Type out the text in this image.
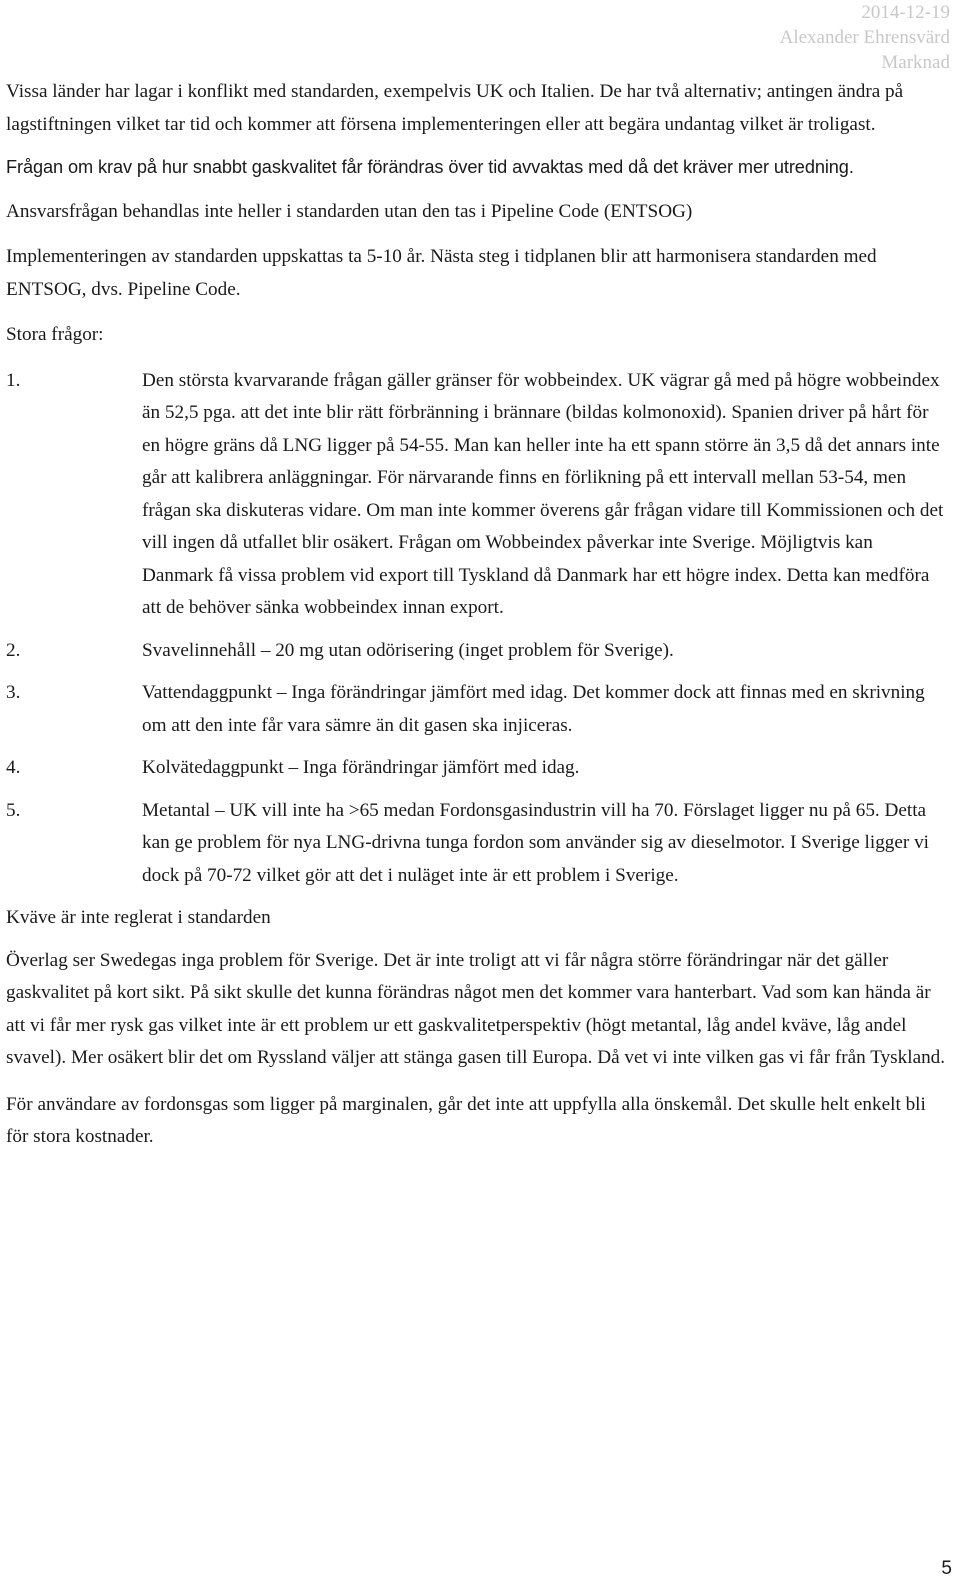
2014-12-19
Alexander Ehrensvärd
Marknad

Vissa länder har lagar i konflikt med standarden, exempelvis UK och Italien. De har två alternativ; antingen ändra på lagstiftningen vilket tar tid och kommer att försena implementeringen eller att begära undantag vilket är troligast.

Frågan om krav på hur snabbt gaskvalitet får förändras över tid avvaktas med då det kräver mer utredning.

Ansvarsfrågan behandlas inte heller i standarden utan den tas i Pipeline Code (ENTSOG)

Implementeringen av standarden uppskattas ta 5-10 år. Nästa steg i tidplanen blir att harmonisera standarden med ENTSOG, dvs. Pipeline Code.

Stora frågor:

1.	Den största kvarvarande frågan gäller gränser för wobbeindex. UK vägrar gå med på högre wobbeindex än 52,5 pga. att det inte blir rätt förbränning i brännare (bildas kolmonoxid). Spanien driver på hårt för en högre gräns då LNG ligger på 54-55. Man kan heller inte ha ett spann större än 3,5 då det annars inte går att kalibrera anläggningar. För närvarande finns en förlikning på ett intervall mellan 53-54, men frågan ska diskuteras vidare. Om man inte kommer överens går frågan vidare till Kommissionen och det vill ingen då utfallet blir osäkert. Frågan om Wobbeindex påverkar inte Sverige. Möjligtvis kan Danmark få vissa problem vid export till Tyskland då Danmark har ett högre index. Detta kan medföra att de behöver sänka wobbeindex innan export.
2.	Svavelinnehåll – 20 mg utan odörisering (inget problem för Sverige).
3.	Vattendaggpunkt – Inga förändringar jämfört med idag. Det kommer dock att finnas med en skrivning om att den inte får vara sämre än dit gasen ska injiceras.
4.	Kolvätedaggpunkt – Inga förändringar jämfört med idag.
5.	Metantal – UK vill inte ha >65 medan Fordonsgasindustrin vill ha 70. Förslaget ligger nu på 65. Detta kan ge problem för nya LNG-drivna tunga fordon som använder sig av dieselmotor. I Sverige ligger vi dock på 70-72 vilket gör att det i nuläget inte är ett problem i Sverige.

Kväve är inte reglerat i standarden

Överlag ser Swedegas inga problem för Sverige. Det är inte troligt att vi får några större förändringar när det gäller gaskvalitet på kort sikt. På sikt skulle det kunna förändras något men det kommer vara hanterbart. Vad som kan hända är att vi får mer rysk gas vilket inte är ett problem ur ett gaskvalitetperspektiv (högt metantal, låg andel kväve, låg andel svavel). Mer osäkert blir det om Ryssland väljer att stänga gasen till Europa. Då vet vi inte vilken gas vi får från Tyskland.

För användare av fordonsgas som ligger på marginalen, går det inte att uppfylla alla önskemål. Det skulle helt enkelt bli för stora kostnader.

5
